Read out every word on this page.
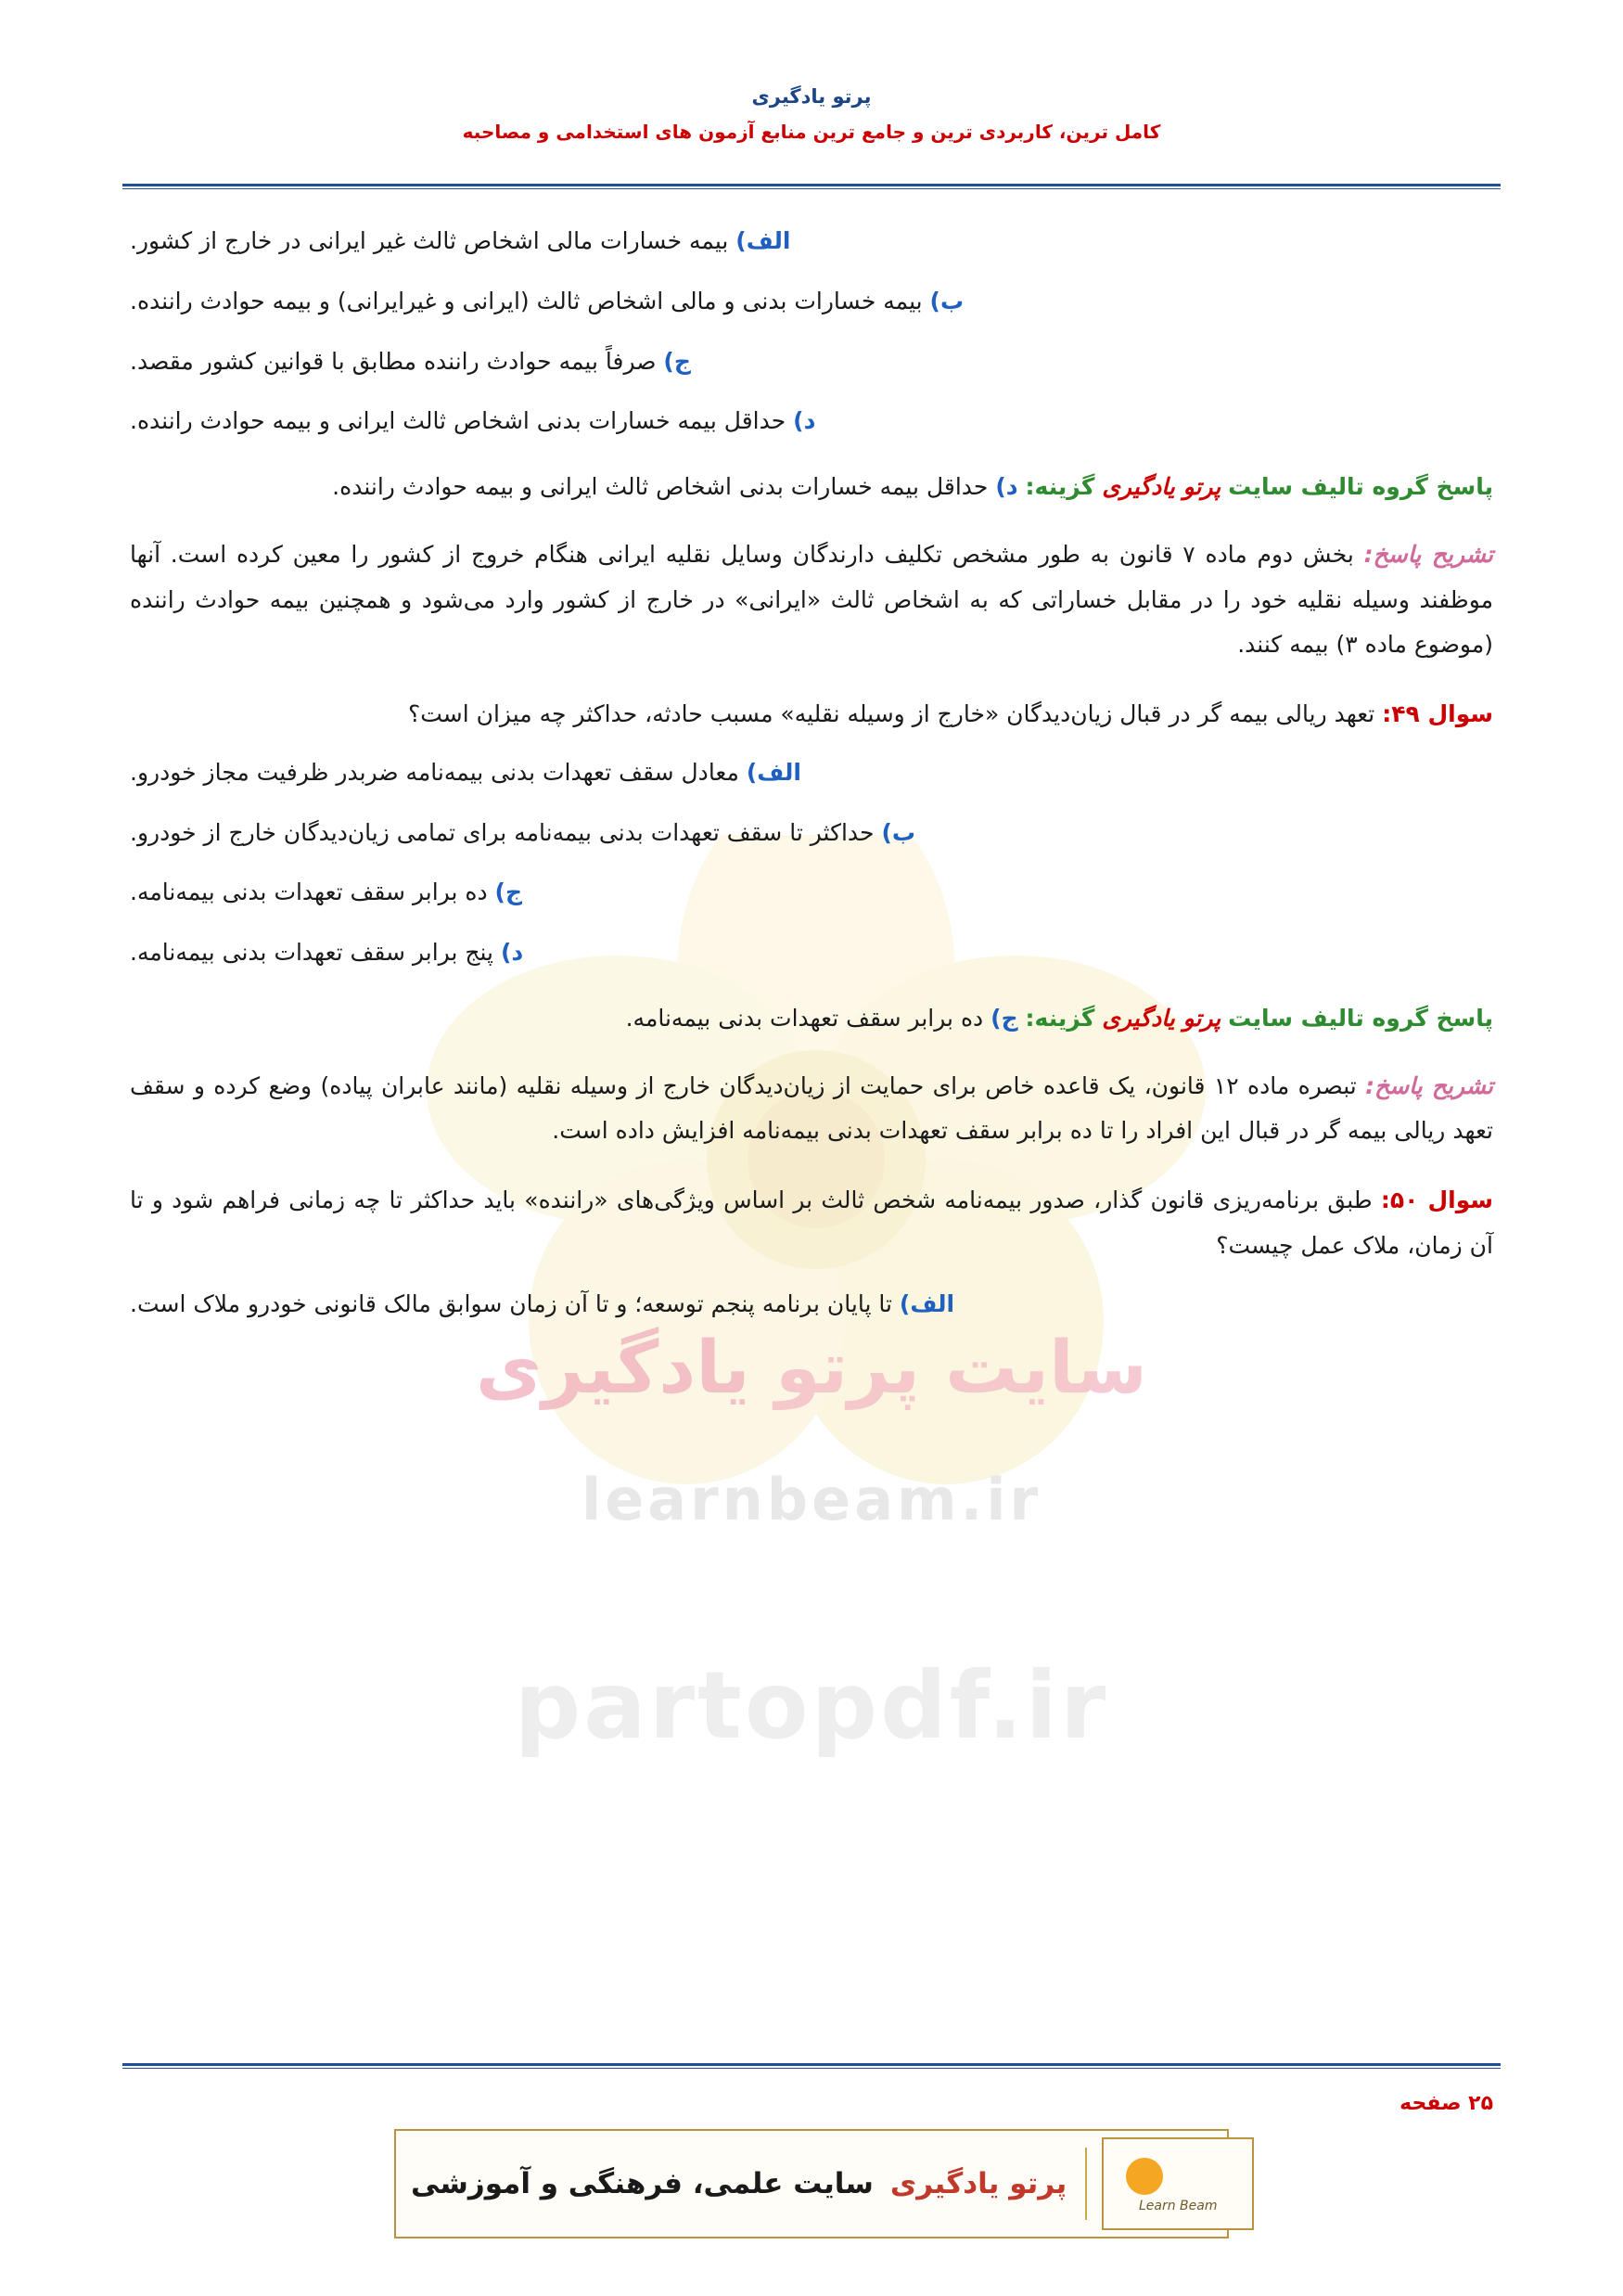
سایت پرتو یادگیری
learnbeam.ir
partopdf.ir
پرتو یادگیری
کامل ترین، کاربردی ترین و جامع ترین منابع آزمون های استخدامی و مصاحبه
الف) بیمه خسارات مالی اشخاص ثالث غیر ایرانی در خارج از کشور.
ب) بیمه خسارات بدنی و مالی اشخاص ثالث (ایرانی و غیرایرانی) و بیمه حوادث راننده.
ج) صرفاً بیمه حوادث راننده مطابق با قوانین کشور مقصد.
د) حداقل بیمه خسارات بدنی اشخاص ثالث ایرانی و بیمه حوادث راننده.
پاسخ گروه تالیف سایت پرتو یادگیری گزینه: د) حداقل بیمه خسارات بدنی اشخاص ثالث ایرانی و بیمه حوادث راننده.
تشریح پاسخ: بخش دوم ماده ۷ قانون به طور مشخص تکلیف دارندگان وسایل نقلیه ایرانی هنگام خروج از کشور را معین کرده است. آنها موظفند وسیله نقلیه خود را در مقابل خساراتی که به اشخاص ثالث «ایرانی» در خارج از کشور وارد می‌شود و همچنین بیمه حوادث راننده (موضوع ماده ۳) بیمه کنند.
سوال ۴۹: تعهد ریالی بیمه گر در قبال زیان‌دیدگان «خارج از وسیله نقلیه» مسبب حادثه، حداکثر چه میزان است؟
الف) معادل سقف تعهدات بدنی بیمه‌نامه ضربدر ظرفیت مجاز خودرو.
ب) حداکثر تا سقف تعهدات بدنی بیمه‌نامه برای تمامی زیان‌دیدگان خارج از خودرو.
ج) ده برابر سقف تعهدات بدنی بیمه‌نامه.
د) پنج برابر سقف تعهدات بدنی بیمه‌نامه.
پاسخ گروه تالیف سایت پرتو یادگیری گزینه: ج) ده برابر سقف تعهدات بدنی بیمه‌نامه.
تشریح پاسخ: تبصره ماده ۱۲ قانون، یک قاعده خاص برای حمایت از زیان‌دیدگان خارج از وسیله نقلیه (مانند عابران پیاده) وضع کرده و سقف تعهد ریالی بیمه گر در قبال این افراد را تا ده برابر سقف تعهدات بدنی بیمه‌نامه افزایش داده است.
سوال ۵۰: طبق برنامه‌ریزی قانون گذار، صدور بیمه‌نامه شخص ثالث بر اساس ویژگی‌های «راننده» باید حداکثر تا چه زمانی فراهم شود و تا آن زمان، ملاک عمل چیست؟
الف) تا پایان برنامه پنجم توسعه؛ و تا آن زمان سوابق مالک قانونی خودرو ملاک است.
۲۵ صفحه
سایت علمی، فرهنگی و آموزشی پرتو یادگیری
Learn Beam
